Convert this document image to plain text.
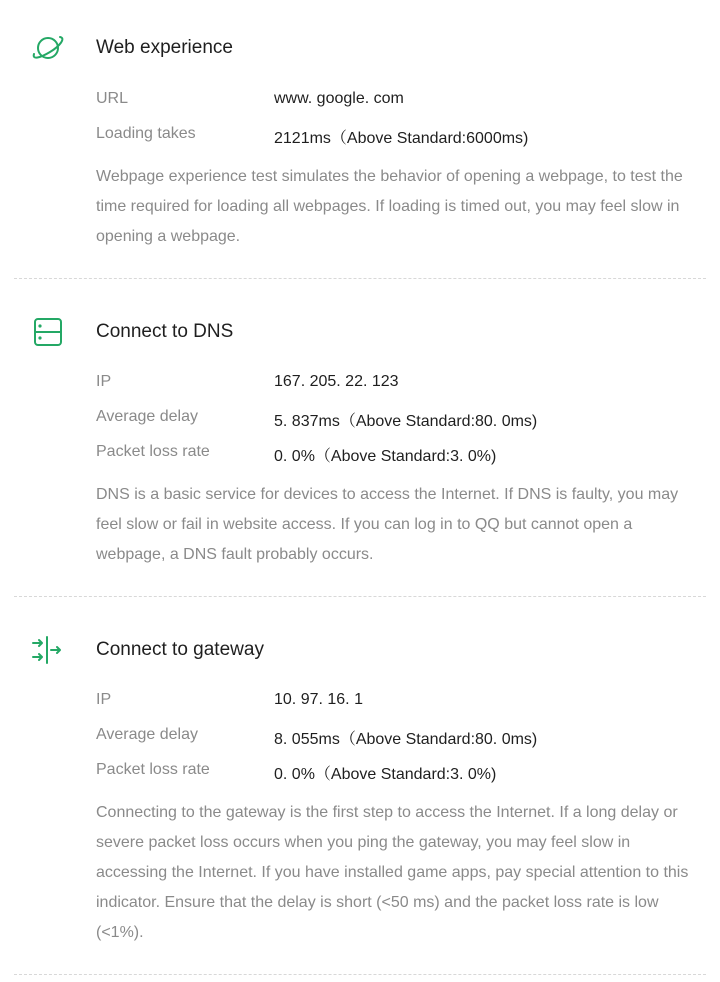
Web experience
URL	www. google. com
Loading takes	2121ms（Above Standard:6000ms)
Webpage experience test simulates the behavior of opening a webpage, to test the time required for loading all webpages. If loading is timed out, you may feel slow in opening a webpage.
Connect to DNS
IP	167. 205. 22. 123
Average delay	5. 837ms（Above Standard:80. 0ms)
Packet loss rate	0. 0%（Above Standard:3. 0%)
DNS is a basic service for devices to access the Internet. If DNS is faulty, you may feel slow or fail in website access. If you can log in to QQ but cannot open a webpage, a DNS fault probably occurs.
Connect to gateway
IP	10. 97. 16. 1
Average delay	8. 055ms（Above Standard:80. 0ms)
Packet loss rate	0. 0%（Above Standard:3. 0%)
Connecting to the gateway is the first step to access the Internet. If a long delay or severe packet loss occurs when you ping the gateway, you may feel slow in accessing the Internet. If you have installed game apps, pay special attention to this indicator. Ensure that the delay is short (<50 ms) and the packet loss rate is low (<1%).
